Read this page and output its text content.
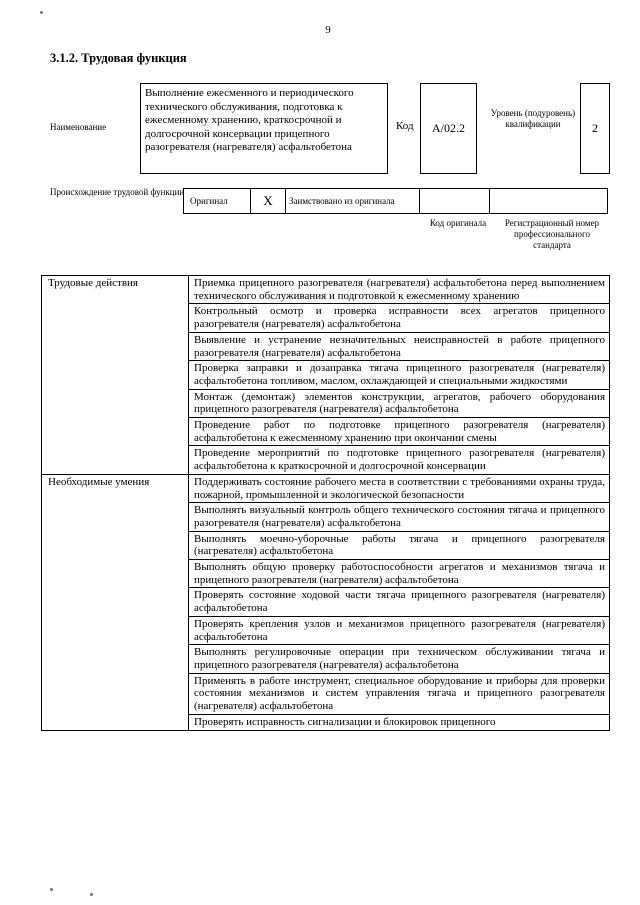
9
3.1.2. Трудовая функция
Наименование
Выполнение ежесменного и периодического технического обслуживания, подготовка к ежесменному хранению, краткосрочной и долгосрочной консервации прицепного разогревателя (нагревателя) асфальтобетона
Код А/02.2
Уровень (подуровень) квалификации	2
Происхождение трудовой функции
Оригинал	X	Заимствовано из оригинала		
Код оригинала	Регистрационный номер профессионального стандарта
Трудовые действия	Приемка прицепного разогревателя (нагревателя) асфальтобетона перед выполнением технического обслуживания и подготовкой к ежесменному хранению
	Контрольный осмотр и проверка исправности всех агрегатов прицепного разогревателя (нагревателя) асфальтобетона
	Выявление и устранение незначительных неисправностей в работе прицепного разогревателя (нагревателя) асфальтобетона
	Проверка заправки и дозаправка тягача прицепного разогревателя (нагревателя) асфальтобетона топливом, маслом, охлаждающей и специальными жидкостями
	Монтаж (демонтаж) элементов конструкции, агрегатов, рабочего оборудования прицепного разогревателя (нагревателя) асфальтобетона
	Проведение работ по подготовке прицепного разогревателя (нагревателя) асфальтобетона к ежесменному хранению при окончании смены
	Проведение мероприятий по подготовке прицепного разогревателя (нагревателя) асфальтобетона к краткосрочной и долгосрочной консервации
Необходимые умения	Поддерживать состояние рабочего места в соответствии с требованиями охраны труда, пожарной, промышленной и экологической безопасности
	Выполнять визуальный контроль общего технического состояния тягача и прицепного разогревателя (нагревателя) асфальтобетона
	Выполнять моечно-уборочные работы тягача и прицепного разогревателя (нагревателя) асфальтобетона
	Выполнять общую проверку работоспособности агрегатов и механизмов тягача и прицепного разогревателя (нагревателя) асфальтобетона
	Проверять состояние ходовой части тягача прицепного разогревателя (нагревателя) асфальтобетона
	Проверять крепления узлов и механизмов прицепного разогревателя (нагревателя) асфальтобетона
	Выполнять регулировочные операции при техническом обслуживании тягача и прицепного разогревателя (нагревателя) асфальтобетона
	Применять в работе инструмент, специальное оборудование и приборы для проверки состояния механизмов и систем управления тягача и прицепного разогревателя (нагревателя) асфальтобетона
	Проверять исправность сигнализации и блокировок прицепного
